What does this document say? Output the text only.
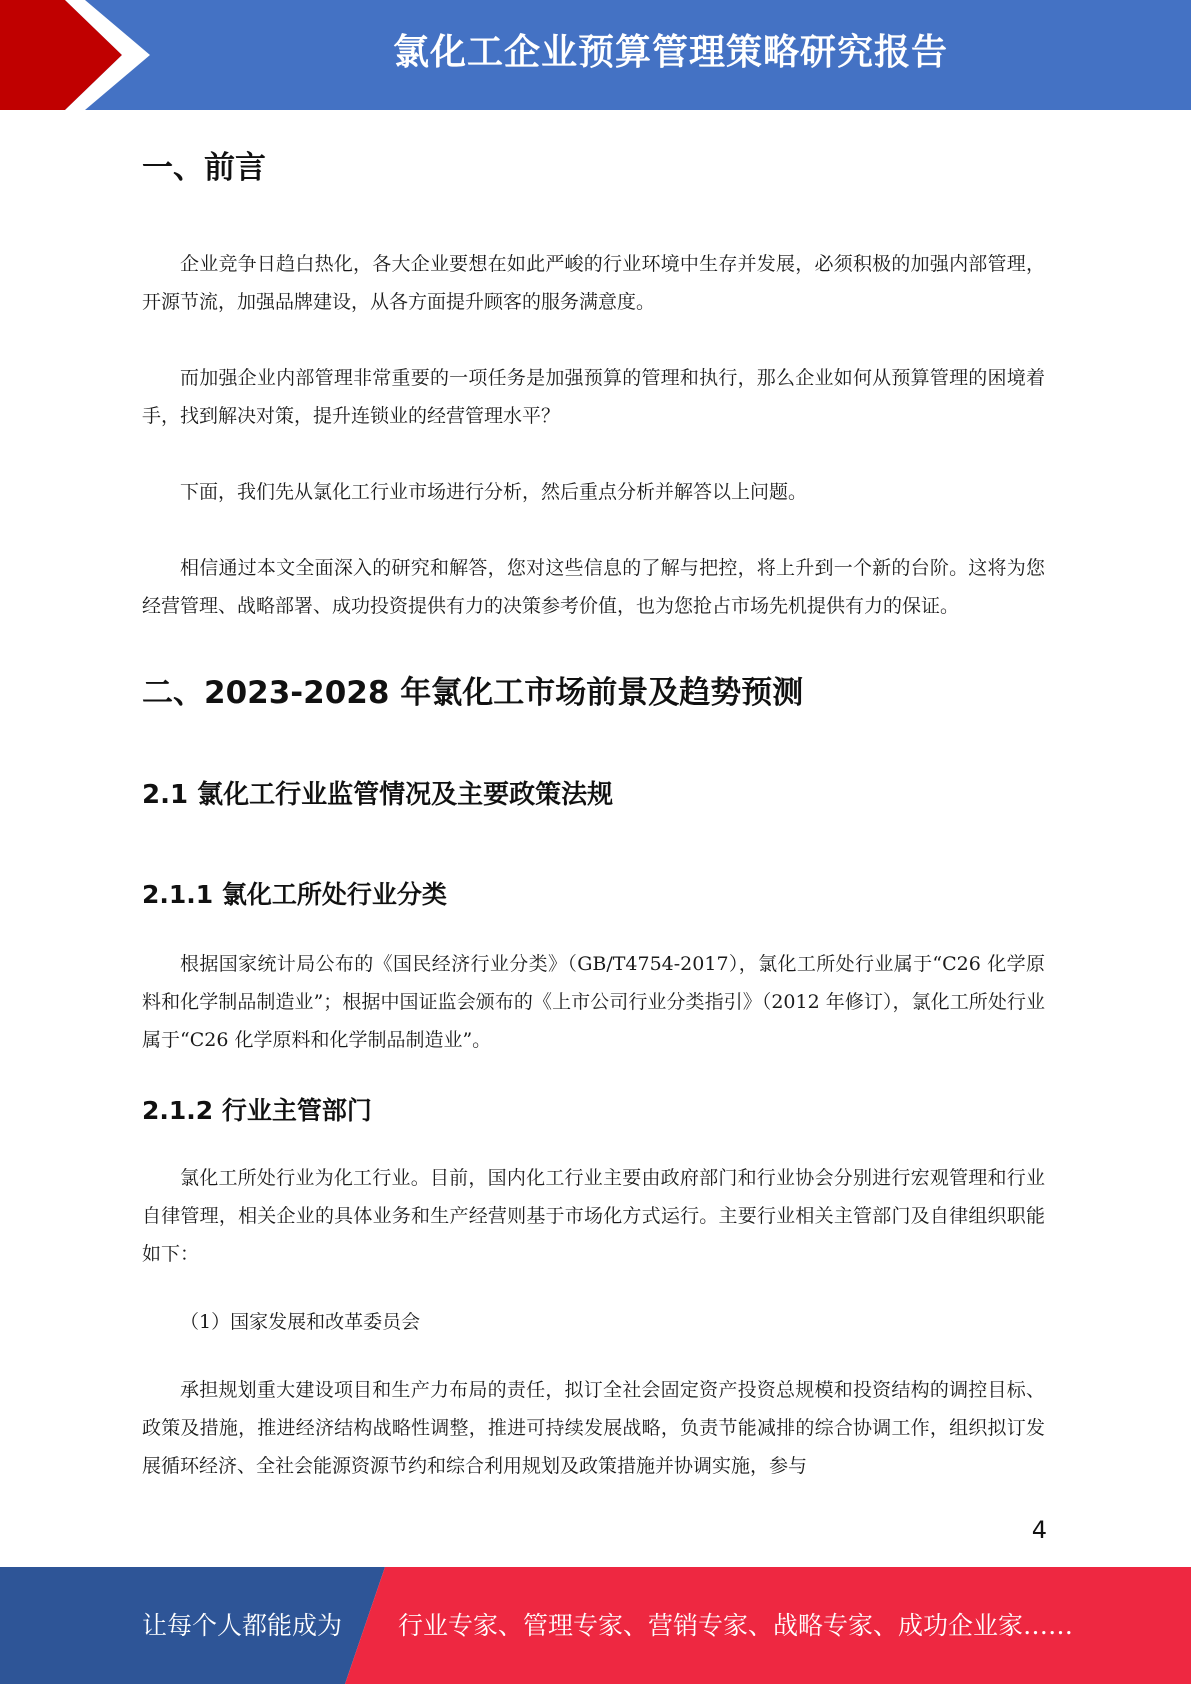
氯化工企业预算管理策略研究报告
一、前言

企业竞争日趋白热化，各大企业要想在如此严峻的行业环境中生存并发展，必须积极的加强内部管理，开源节流，加强品牌建设，从各方面提升顾客的服务满意度。

而加强企业内部管理非常重要的一项任务是加强预算的管理和执行，那么企业如何从预算管理的困境着手，找到解决对策，提升连锁业的经营管理水平？

下面，我们先从氯化工行业市场进行分析，然后重点分析并解答以上问题。

相信通过本文全面深入的研究和解答，您对这些信息的了解与把控，将上升到一个新的台阶。这将为您经营管理、战略部署、成功投资提供有力的决策参考价值，也为您抢占市场先机提供有力的保证。

二、2023-2028 年氯化工市场前景及趋势预测
2.1 氯化工行业监管情况及主要政策法规
2.1.1 氯化工所处行业分类

根据国家统计局公布的《国民经济行业分类》（GB/T4754-2017），氯化工所处行业属于“C26 化学原料和化学制品制造业”；根据中国证监会颁布的《上市公司行业分类指引》（2012 年修订），氯化工所处行业属于“C26 化学原料和化学制品制造业”。

2.1.2 行业主管部门

氯化工所处行业为化工行业。目前，国内化工行业主要由政府部门和行业协会分别进行宏观管理和行业自律管理，相关企业的具体业务和生产经营则基于市场化方式运行。主要行业相关主管部门及自律组织职能如下：

（1）国家发展和改革委员会

承担规划重大建设项目和生产力布局的责任，拟订全社会固定资产投资总规模和投资结构的调控目标、政策及措施，推进经济结构战略性调整，推进可持续发展战略，负责节能减排的综合协调工作，组织拟订发展循环经济、全社会能源资源节约和综合利用规划及政策措施并协调实施，参与

4
让每个人都能成为 行业专家、管理专家、营销专家、战略专家、成功企业家……
